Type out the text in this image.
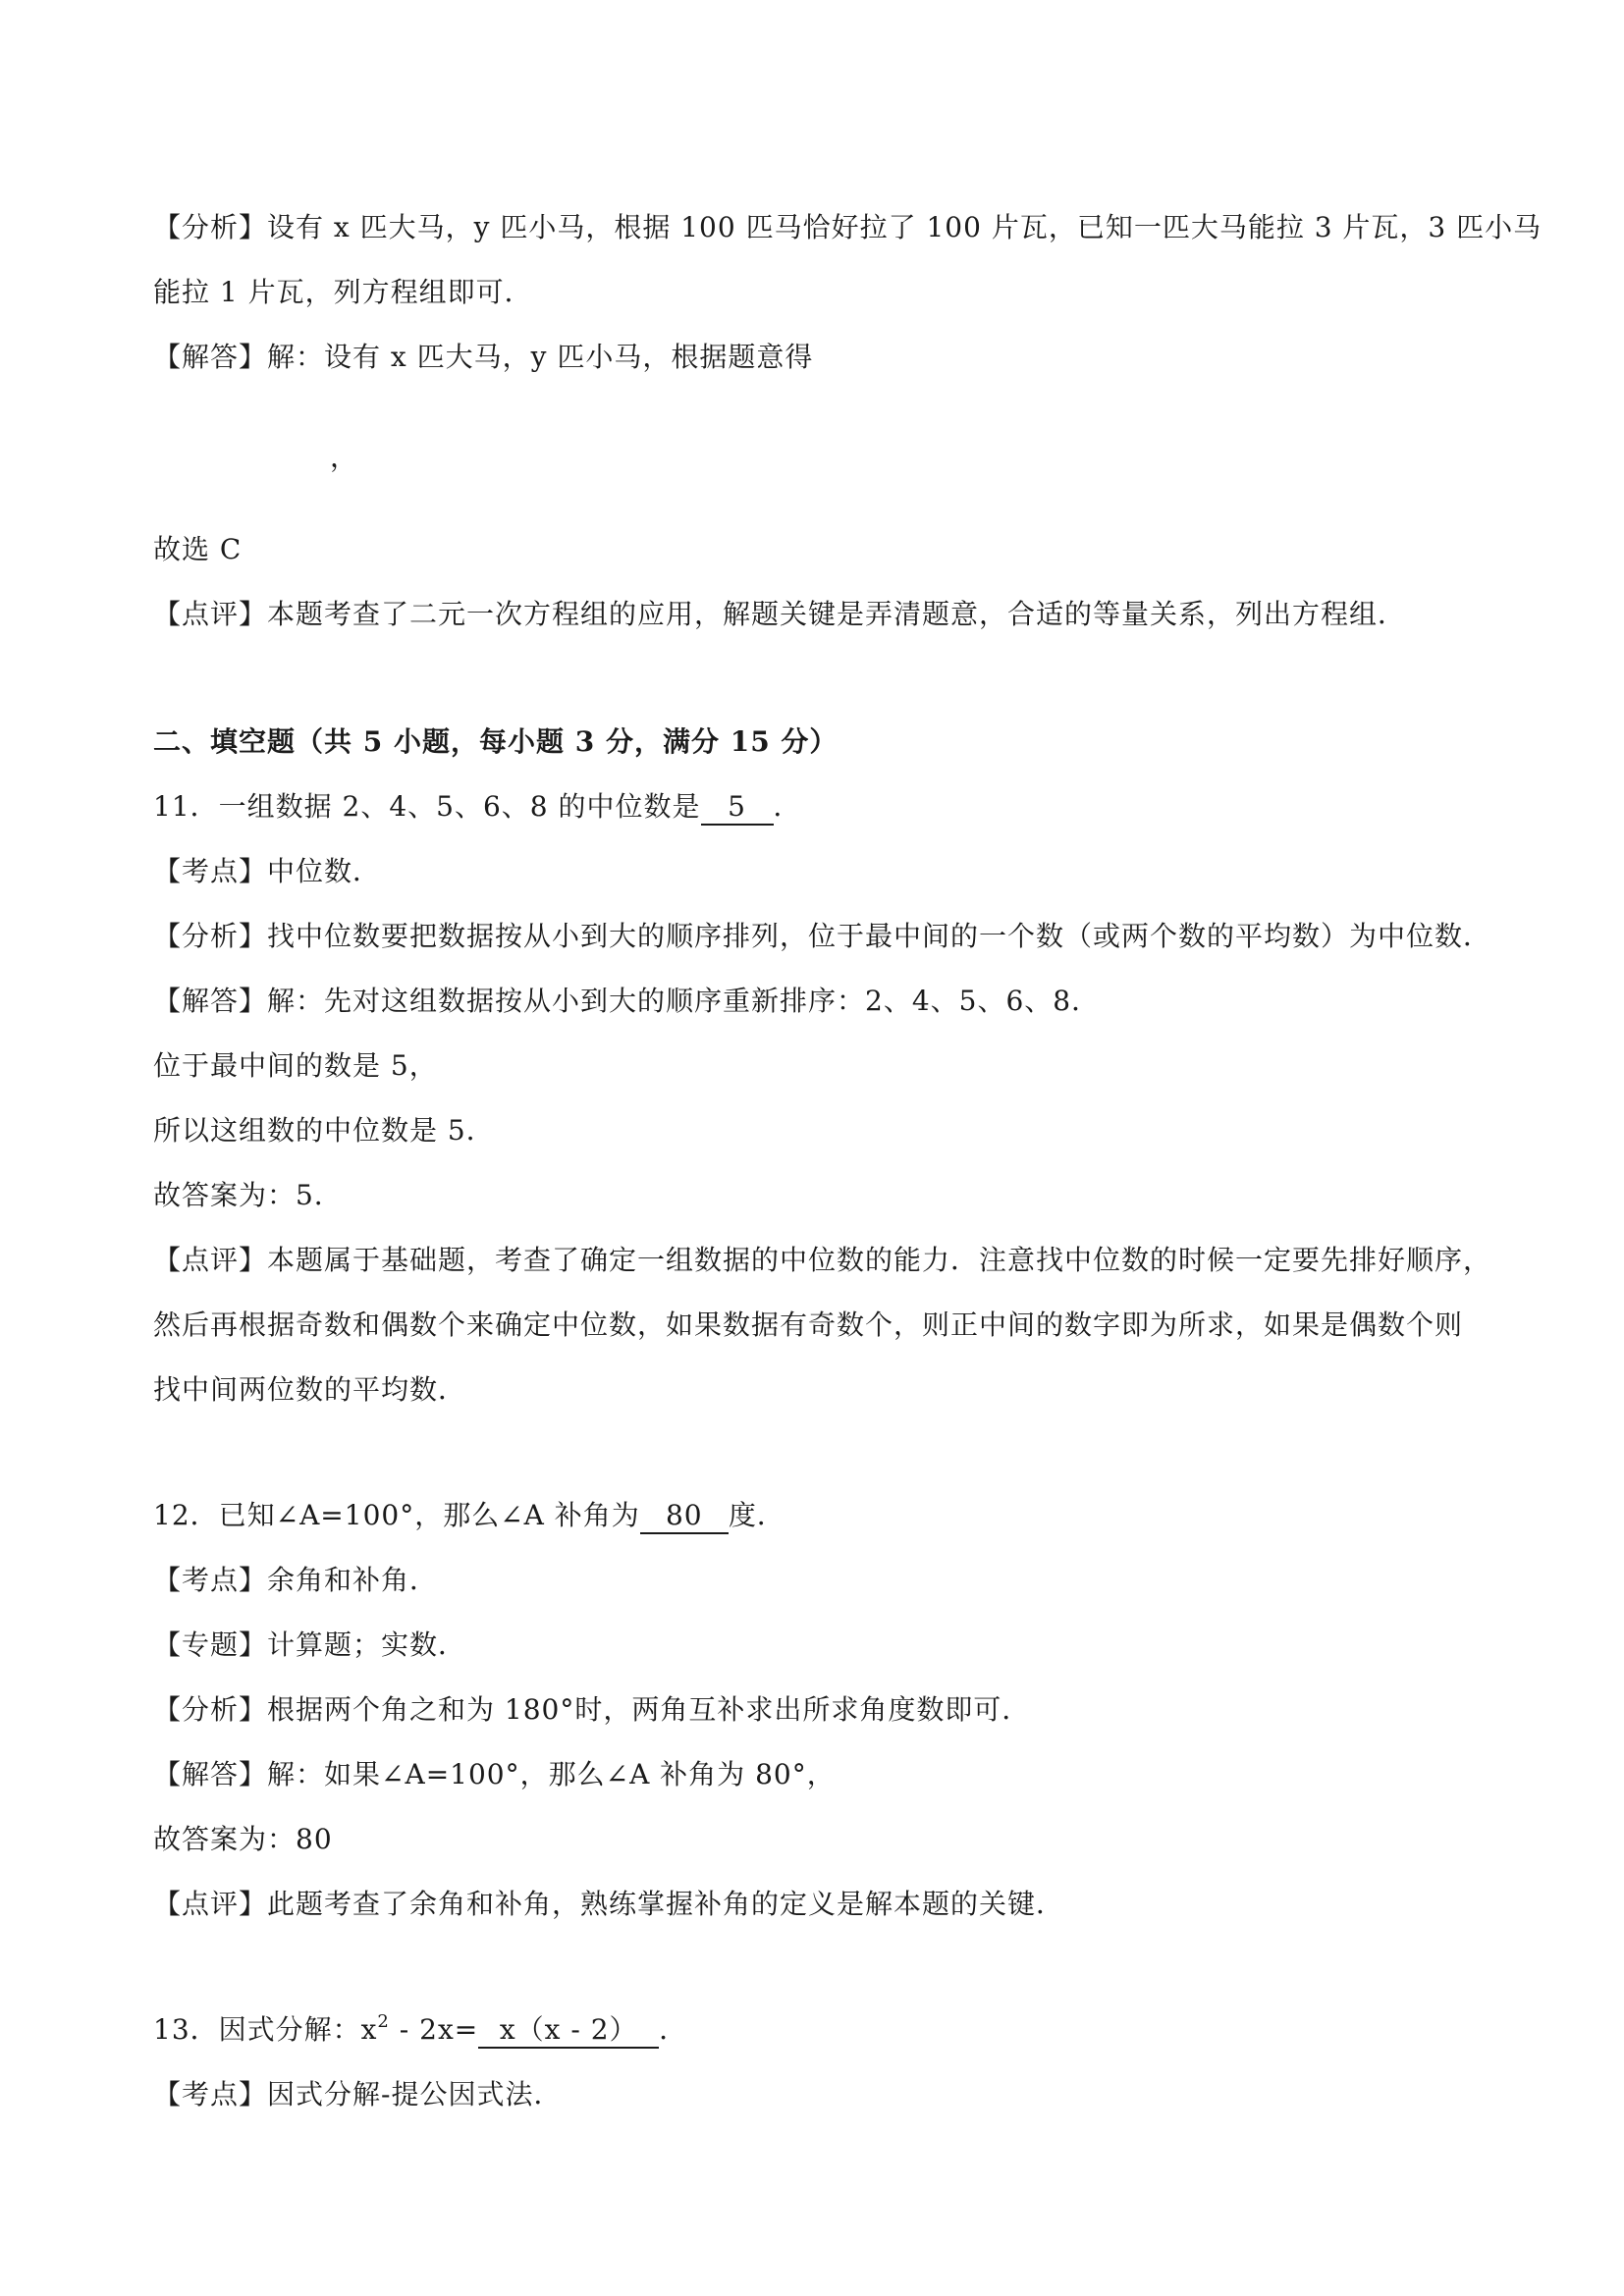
【分析】设有 x 匹大马，y 匹小马，根据 100 匹马恰好拉了 100 片瓦，已知一匹大马能拉 3 片瓦，3 匹小马
能拉 1 片瓦，列方程组即可．
【解答】解：设有 x 匹大马，y 匹小马，根据题意得
，
故选 C
【点评】本题考查了二元一次方程组的应用，解题关键是弄清题意，合适的等量关系，列出方程组．
二、填空题（共 5 小题，每小题 3 分，满分 15 分）
11．一组数据 2、4、5、6、8 的中位数是 5 ．
【考点】中位数．
【分析】找中位数要把数据按从小到大的顺序排列，位于最中间的一个数（或两个数的平均数）为中位数．
【解答】解：先对这组数据按从小到大的顺序重新排序：2、4、5、6、8．
位于最中间的数是 5，
所以这组数的中位数是 5．
故答案为：5．
【点评】本题属于基础题，考查了确定一组数据的中位数的能力．注意找中位数的时候一定要先排好顺序，
然后再根据奇数和偶数个来确定中位数，如果数据有奇数个，则正中间的数字即为所求，如果是偶数个则
找中间两位数的平均数．
12．已知∠A=100°，那么∠A 补角为 80 度．
【考点】余角和补角．
【专题】计算题；实数．
【分析】根据两个角之和为 180°时，两角互补求出所求角度数即可．
【解答】解：如果∠A=100°，那么∠A 补角为 80°，
故答案为：80
【点评】此题考查了余角和补角，熟练掌握补角的定义是解本题的关键．
13．因式分解：$x^2 - 2x= x(x - 2)$ ．
【考点】因式分解-提公因式法．
